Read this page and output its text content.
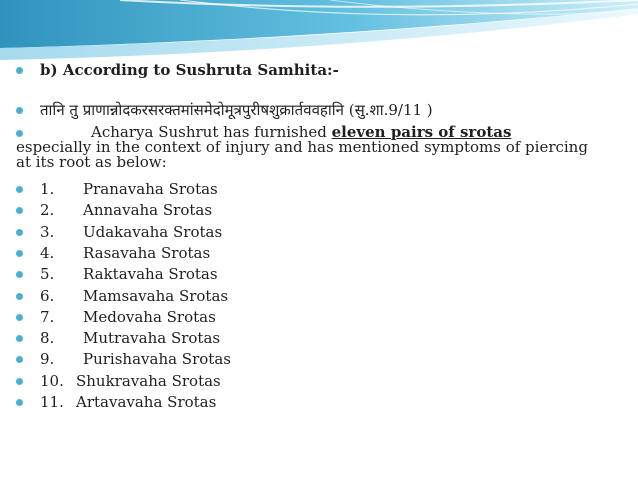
b) According to Sushruta Samhita:-
तानि तु प्राणान्नोदकरसरक्तमांसमेदोमूत्रपुरीषशुक्रार्तववहानि (सु.शा.9/11 )
Acharya Sushrut has furnished eleven pairs of srotas especially in the context of injury and has mentioned symptoms of piercing at its root as below:
1. Pranavaha Srotas
2. Annavaha Srotas
3. Udakavaha Srotas
4. Rasavaha Srotas
5. Raktavaha Srotas
6. Mamsavaha Srotas
7. Medovaha Srotas
8. Mutravaha Srotas
9. Purishavaha Srotas
10. Shukravaha Srotas
11. Artavavaha Srotas
